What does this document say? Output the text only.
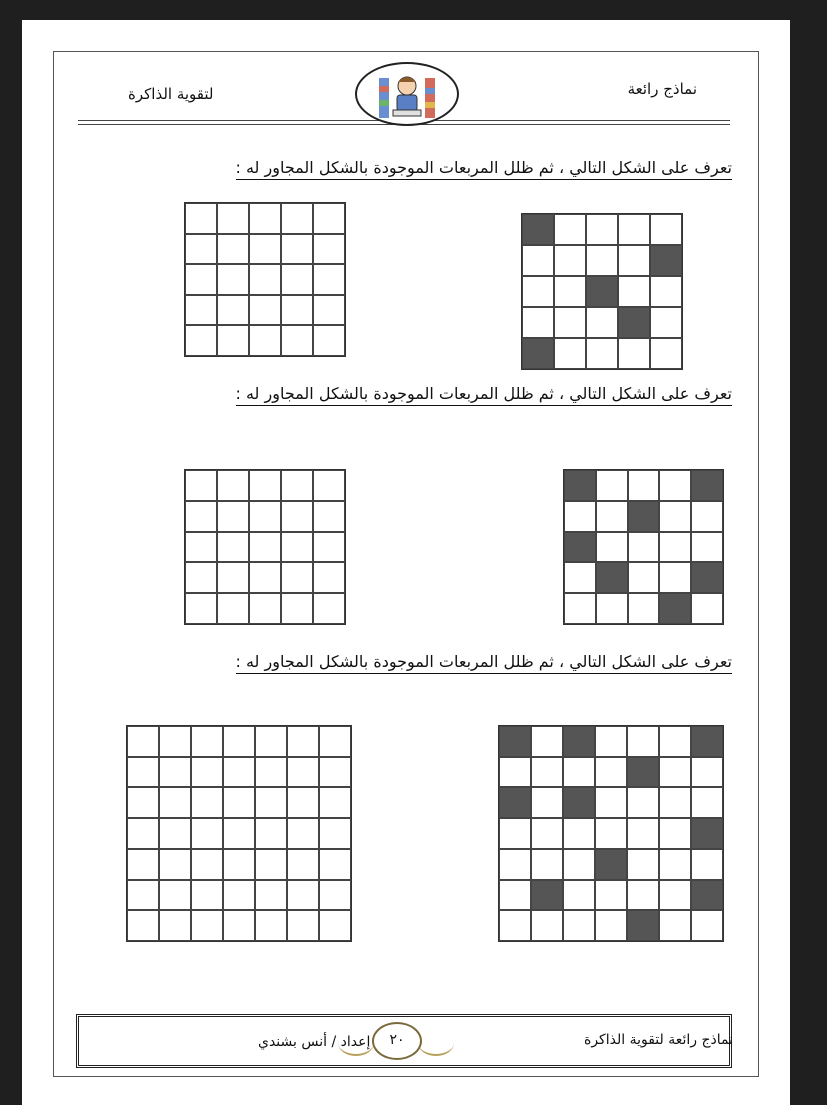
نماذج رائعة
لتقوية الذاكرة
تعرف على الشكل التالي ، ثم ظلل المربعات الموجودة بالشكل المجاور له :
تعرف على الشكل التالي ، ثم ظلل المربعات الموجودة بالشكل المجاور له :
تعرف على الشكل التالي ، ثم ظلل المربعات الموجودة بالشكل المجاور له :
نماذج رائعة لتقوية الذاكرة
إعداد / أنس بشندي	٢٠
